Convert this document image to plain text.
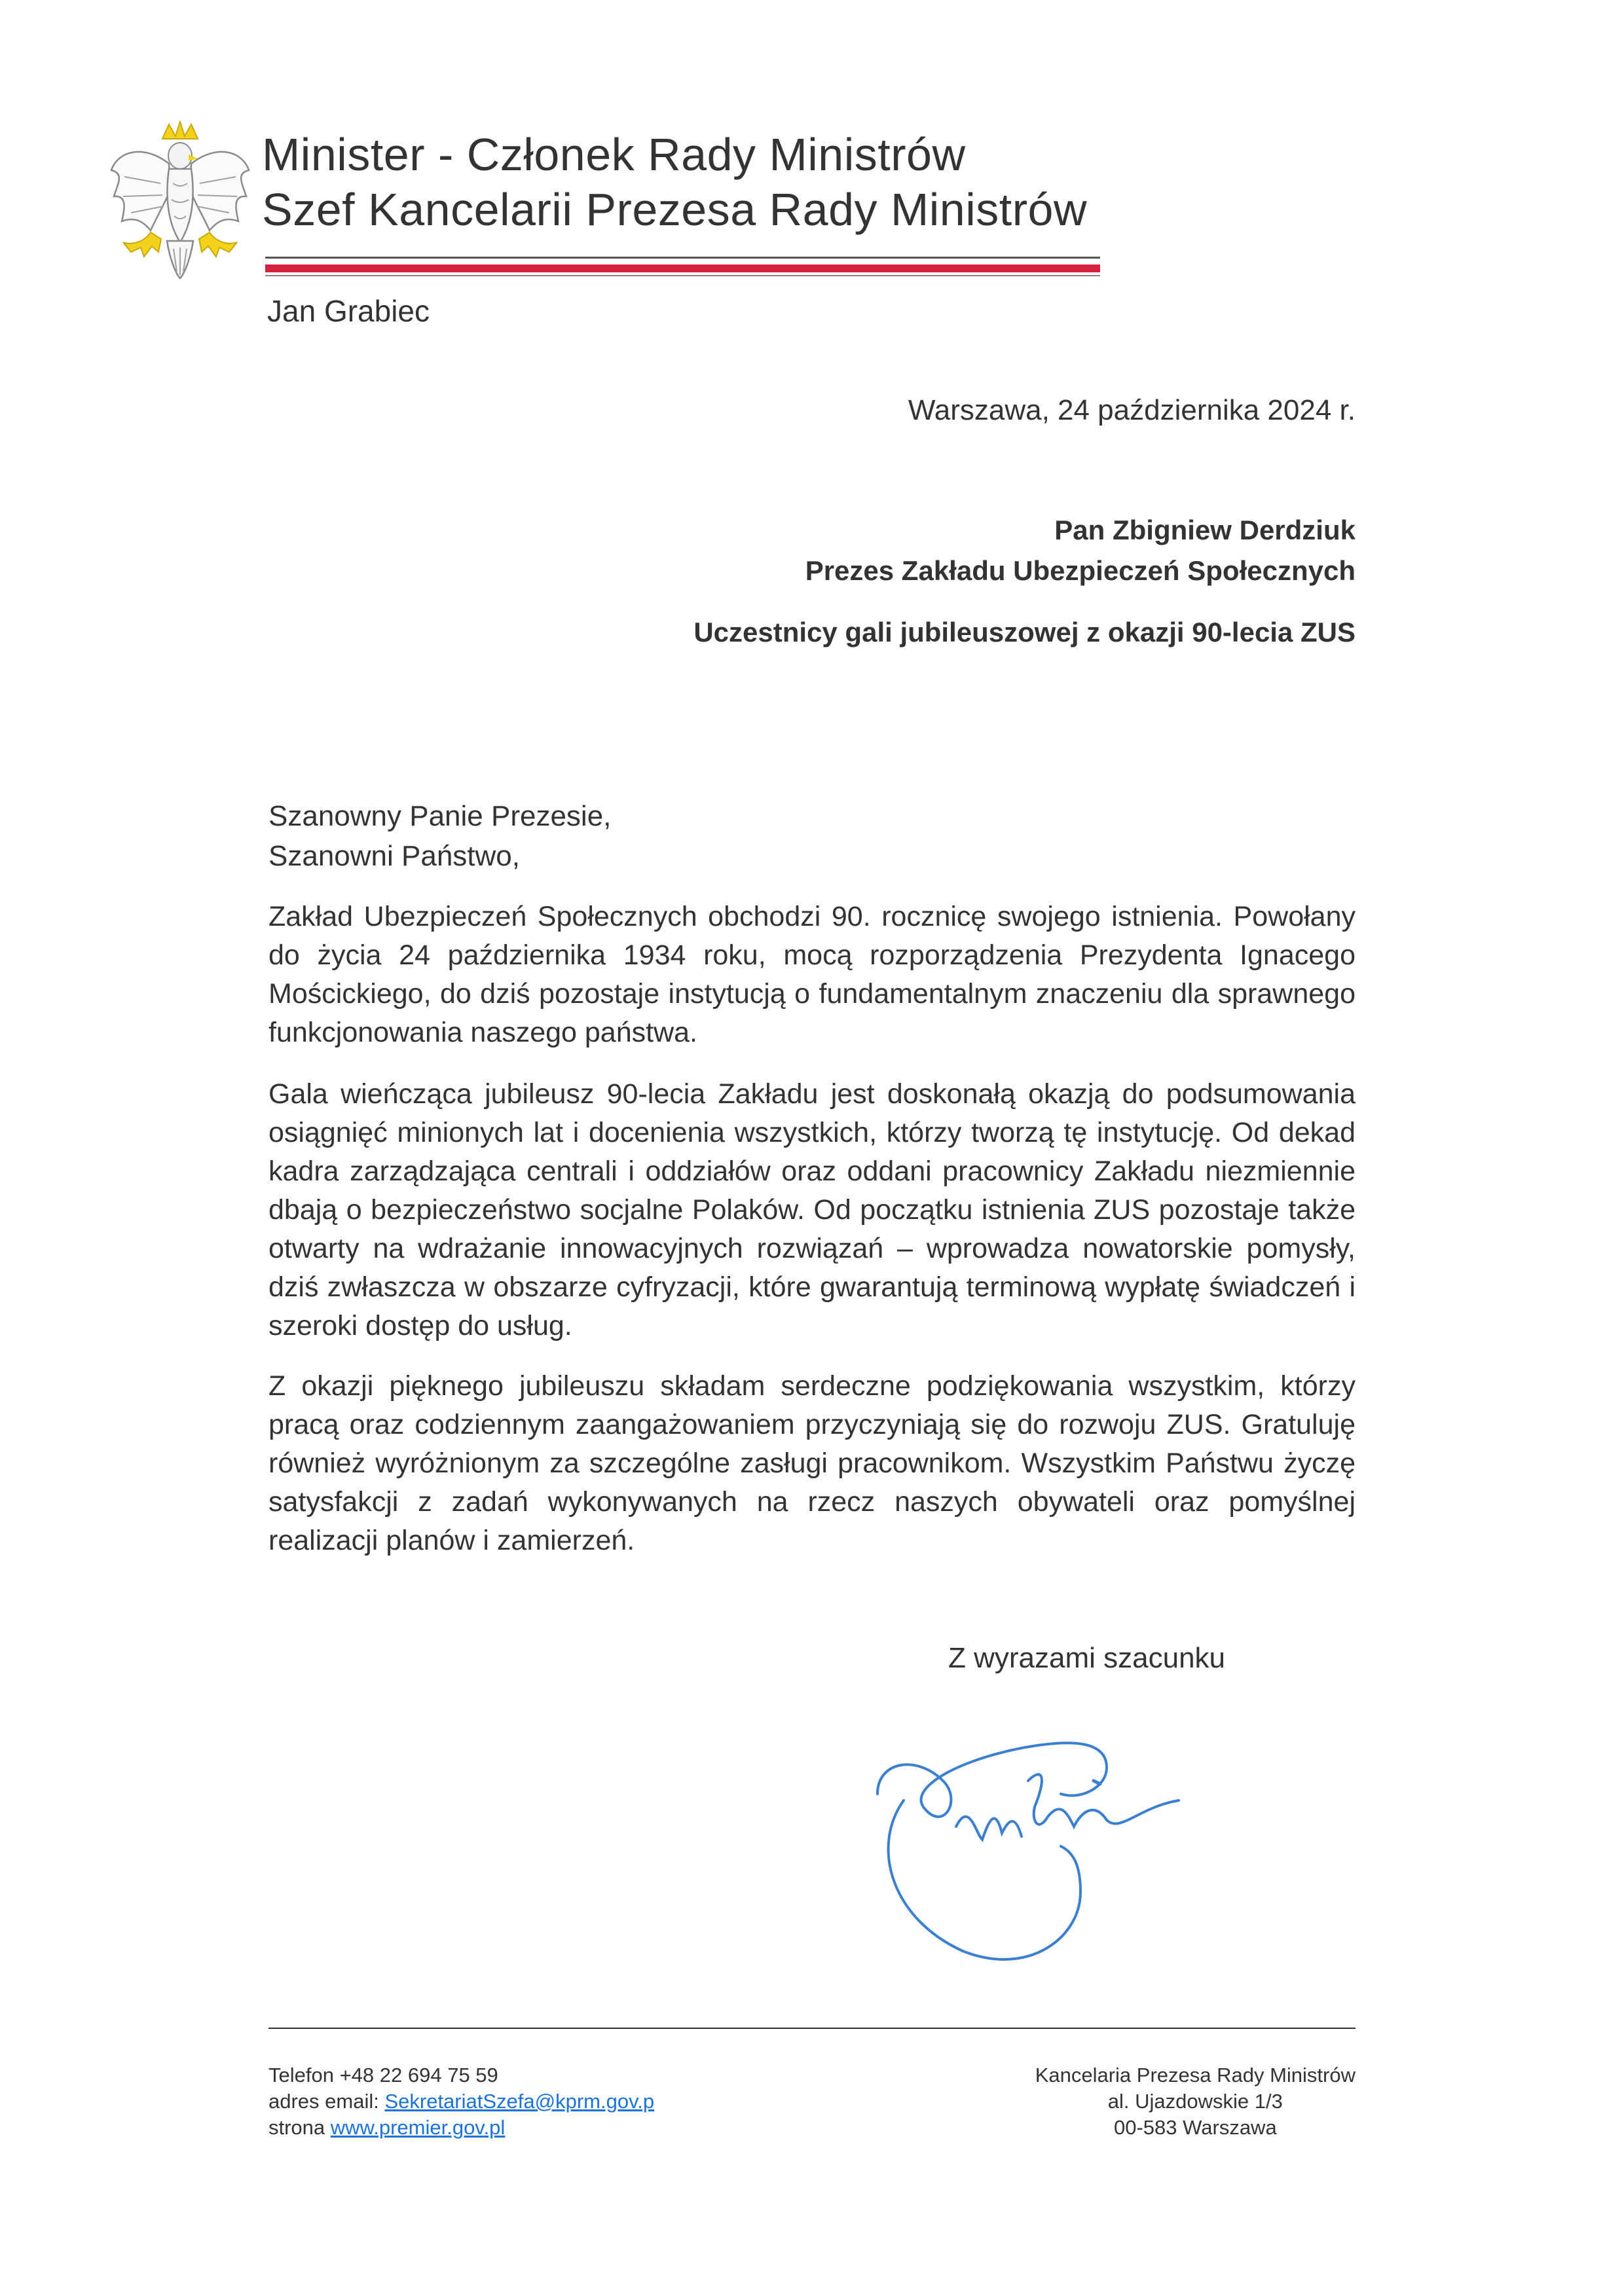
Minister - Członek Rady Ministrów
Szef Kancelarii Prezesa Rady Ministrów
Jan Grabiec
Warszawa, 24 października 2024 r.
Pan Zbigniew Derdziuk
Prezes Zakładu Ubezpieczeń Społecznych
Uczestnicy gali jubileuszowej z okazji 90-lecia ZUS
Szanowny Panie Prezesie,
Szanowni Państwo,
Zakład Ubezpieczeń Społecznych obchodzi 90. rocznicę swojego istnienia. Powołany do życia 24 października 1934 roku, mocą rozporządzenia Prezydenta Ignacego Mościckiego, do dziś pozostaje instytucją o fundamentalnym znaczeniu dla sprawnego funkcjonowania naszego państwa.
Gala wieńcząca jubileusz 90-lecia Zakładu jest doskonałą okazją do podsumowania osiągnięć minionych lat i docenienia wszystkich, którzy tworzą tę instytucję. Od dekad kadra zarządzająca centrali i oddziałów oraz oddani pracownicy Zakładu niezmiennie dbają o bezpieczeństwo socjalne Polaków. Od początku istnienia ZUS pozostaje także otwarty na wdrażanie innowacyjnych rozwiązań – wprowadza nowatorskie pomysły, dziś zwłaszcza w obszarze cyfryzacji, które gwarantują terminową wypłatę świadczeń i szeroki dostęp do usług.
Z okazji pięknego jubileuszu składam serdeczne podziękowania wszystkim, którzy pracą oraz codziennym zaangażowaniem przyczyniają się do rozwoju ZUS. Gratuluję również wyróżnionym za szczególne zasługi pracownikom. Wszystkim Państwu życzę satysfakcji z zadań wykonywanych na rzecz naszych obywateli oraz pomyślnej realizacji planów i zamierzeń.
Z wyrazami szacunku
Telefon +48 22 694 75 59
adres email: SekretariatSzefa@kprm.gov.p
strona www.premier.gov.pl
Kancelaria Prezesa Rady Ministrów
al. Ujazdowskie 1/3
00-583 Warszawa
